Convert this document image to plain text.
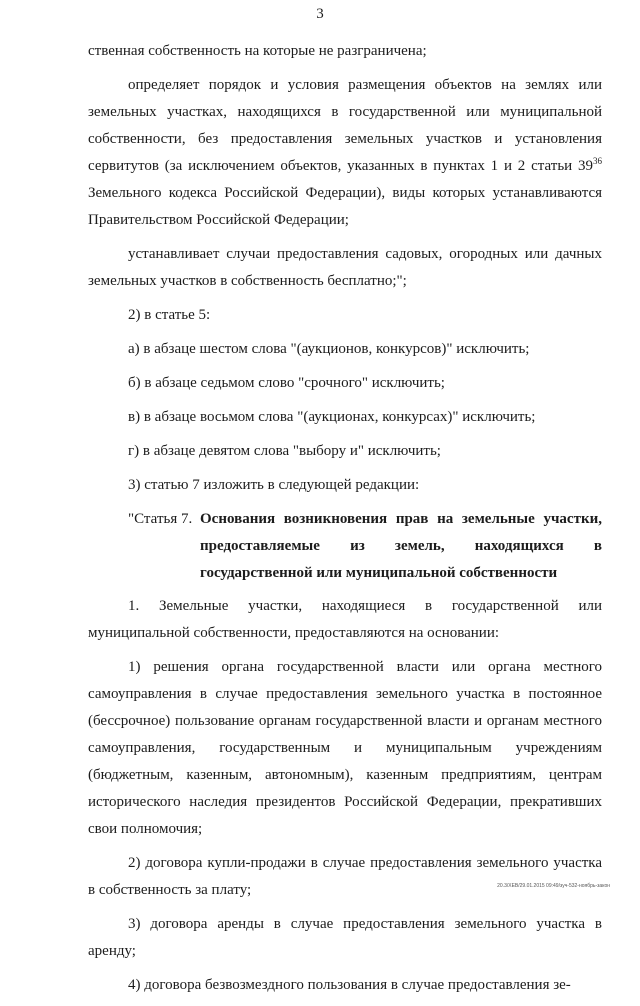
3

ственная собственность на которые не разграничена;

определяет порядок и условия размещения объектов на землях или земельных участках, находящихся в государственной или муниципальной собственности, без предоставления земельных участков и установления сервитутов (за исключением объектов, указанных в пунктах 1 и 2 статьи $39^{36}$ Земельного кодекса Российской Федерации), виды которых устанавливаются Правительством Российской Федерации;

устанавливает случаи предоставления садовых, огородных или дачных земельных участков в собственность бесплатно;";

2) в статье 5:

а) в абзаце шестом слова "(аукционов, конкурсов)" исключить;

б) в абзаце седьмом слово "срочного" исключить;

в) в абзаце восьмом слова "(аукционах, конкурсах)" исключить;

г) в абзаце девятом слова "выбору и" исключить;

3) статью 7 изложить в следующей редакции:

"Статья 7. Основания возникновения прав на земельные участки, предоставляемые из земель, находящихся в государственной или муниципальной собственности

1. Земельные участки, находящиеся в государственной или муниципальной собственности, предоставляются на основании:

1) решения органа государственной власти или органа местного самоуправления в случае предоставления земельного участка в постоянное (бессрочное) пользование органам государственной власти и органам местного самоуправления, государственным и муниципальным учреждениям (бюджетным, казенным, автономным), казенным предприятиям, центрам исторического наследия президентов Российской Федерации, прекративших свои полномочия;

2) договора купли-продажи в случае предоставления земельного участка в собственность за плату;

3) договора аренды в случае предоставления земельного участка в аренду;

4) договора безвозмездного пользования в случае предоставления зе-

20.3/ХЕВ/29.01.2015 09:49/зуч-532-ноябрь-закон
